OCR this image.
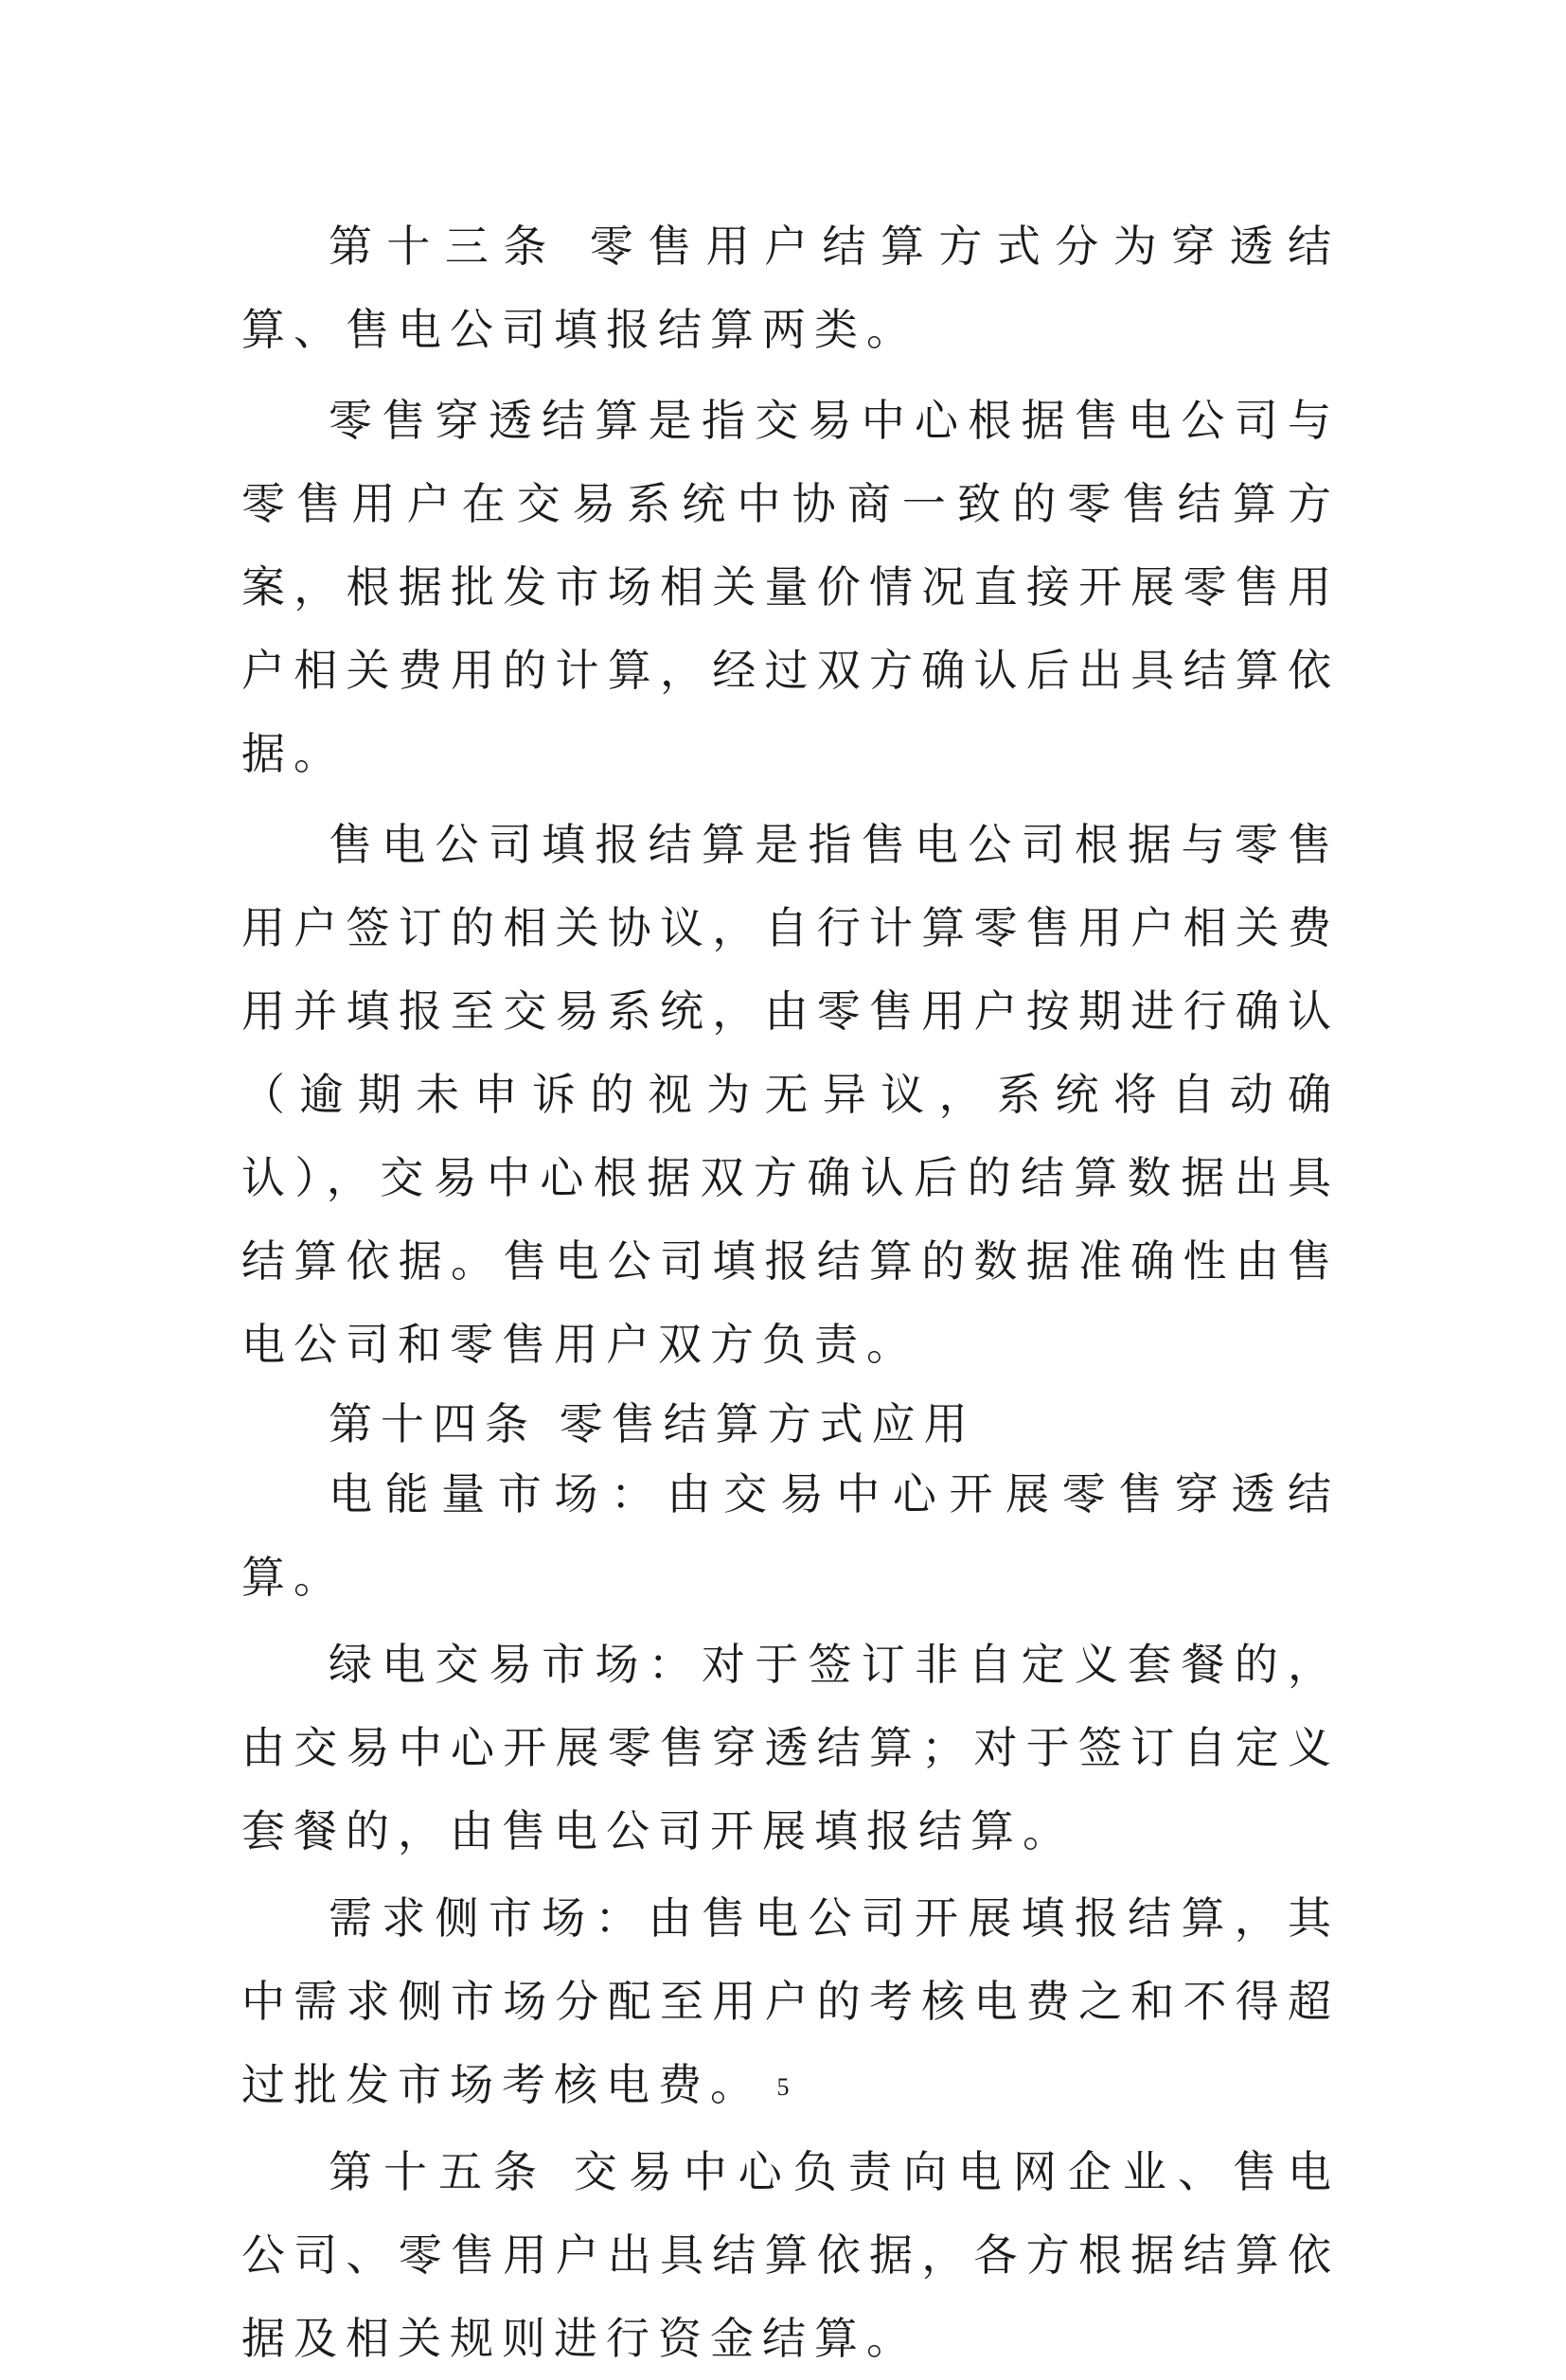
第十三条 零售用户结算方式分为穿透结算、售电公司填报结算两类。

零售穿透结算是指交易中心根据售电公司与零售用户在交易系统中协商一致的零售结算方案，根据批发市场相关量价情况直接开展零售用户相关费用的计算，经过双方确认后出具结算依据。

售电公司填报结算是指售电公司根据与零售用户签订的相关协议，自行计算零售用户相关费用并填报至交易系统，由零售用户按期进行确认（逾期未申诉的视为无异议，系统将自动确认），交易中心根据双方确认后的结算数据出具结算依据。售电公司填报结算的数据准确性由售电公司和零售用户双方负责。

第十四条 零售结算方式应用

电能量市场：由交易中心开展零售穿透结算。

绿电交易市场：对于签订非自定义套餐的，由交易中心开展零售穿透结算；对于签订自定义套餐的，由售电公司开展填报结算。

需求侧市场：由售电公司开展填报结算，其中需求侧市场分配至用户的考核电费之和不得超过批发市场考核电费。

第十五条 交易中心负责向电网企业、售电公司、零售用户出具结算依据，各方根据结算依据及相关规则进行资金结算。

5
